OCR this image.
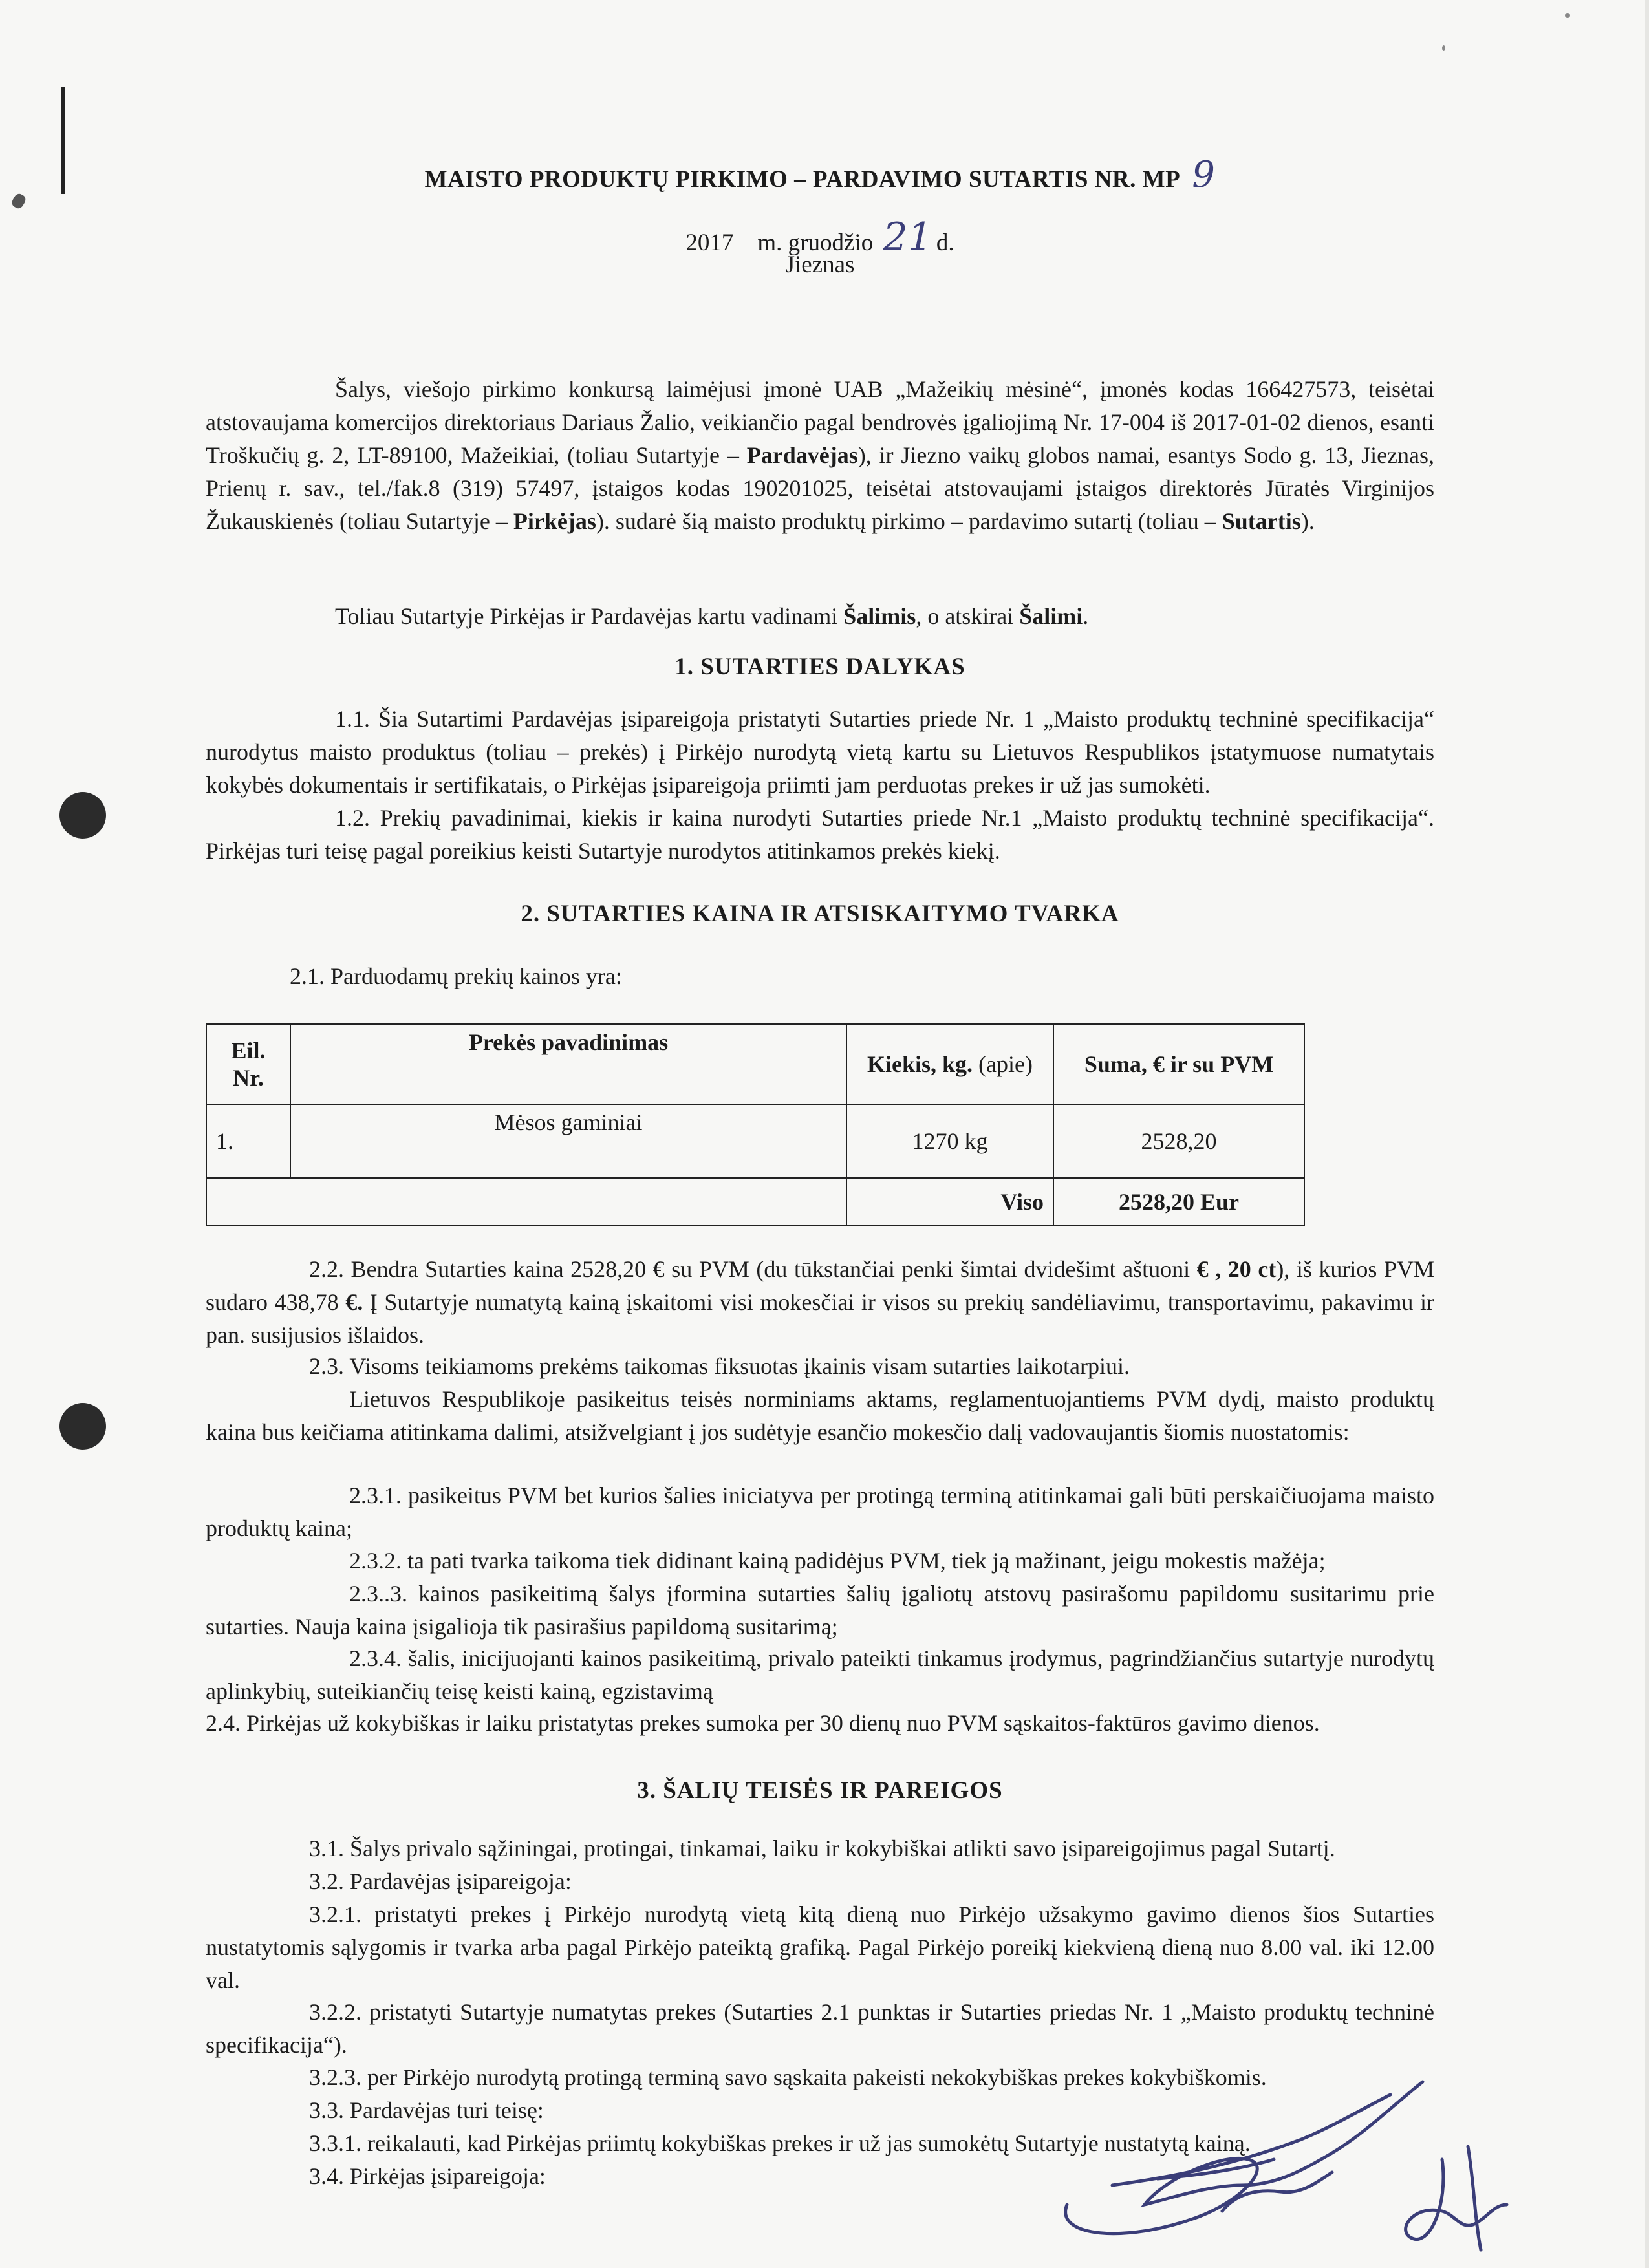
MAISTO PRODUKTŲ PIRKIMO – PARDAVIMO SUTARTIS NR. MP 9
2017 m. gruodžio 21 d.
Jieznas

Šalys, viešojo pirkimo konkursą laimėjusi įmonė UAB „Mažeikių mėsinė“, įmonės kodas 166427573, teisėtai atstovaujama komercijos direktoriaus Dariaus Žalio, veikiančio pagal bendrovės įgaliojimą Nr. 17-004 iš 2017-01-02 dienos, esanti Troškučių g. 2, LT-89100, Mažeikiai, (toliau Sutartyje – Pardavėjas), ir Jiezno vaikų globos namai, esantys Sodo g. 13, Jieznas, Prienų r. sav., tel./fak.8 (319) 57497, įstaigos kodas 190201025, teisėtai atstovaujami įstaigos direktorės Jūratės Virginijos Žukauskienės (toliau Sutartyje – Pirkėjas). sudarė šią maisto produktų pirkimo – pardavimo sutartį (toliau – Sutartis).

Toliau Sutartyje Pirkėjas ir Pardavėjas kartu vadinami Šalimis, o atskirai Šalimi.

1. SUTARTIES DALYKAS

1.1. Šia Sutartimi Pardavėjas įsipareigoja pristatyti Sutarties priede Nr. 1 „Maisto produktų techninė specifikacija“ nurodytus maisto produktus (toliau – prekės) į Pirkėjo nurodytą vietą kartu su Lietuvos Respublikos įstatymuose numatytais kokybės dokumentais ir sertifikatais, o Pirkėjas įsipareigoja priimti jam perduotas prekes ir už jas sumokėti.

1.2. Prekių pavadinimai, kiekis ir kaina nurodyti Sutarties priede Nr.1 „Maisto produktų techninė specifikacija“. Pirkėjas turi teisę pagal poreikius keisti Sutartyje nurodytos atitinkamos prekės kiekį.

2. SUTARTIES KAINA IR ATSISKAITYMO TVARKA

2.1. Parduodamų prekių kainos yra:

Eil. Nr.	Prekės pavadinimas	Kiekis, kg. (apie)	Suma, € ir su PVM
1.	Mėsos gaminiai	1270 kg	2528,20
		Viso	2528,20 Eur

2.2. Bendra Sutarties kaina 2528,20 € su PVM (du tūkstančiai penki šimtai dvidešimt aštuoni € , 20 ct), iš kurios PVM sudaro 438,78 €. Į Sutartyje numatytą kainą įskaitomi visi mokesčiai ir visos su prekių sandėliavimu, transportavimu, pakavimu ir pan. susijusios išlaidos.

2.3. Visoms teikiamoms prekėms taikomas fiksuotas įkainis visam sutarties laikotarpiui.

Lietuvos Respublikoje pasikeitus teisės norminiams aktams, reglamentuojantiems PVM dydį, maisto produktų kaina bus keičiama atitinkama dalimi, atsižvelgiant į jos sudėtyje esančio mokesčio dalį vadovaujantis šiomis nuostatomis:

2.3.1. pasikeitus PVM bet kurios šalies iniciatyva per protingą terminą atitinkamai gali būti perskaičiuojama maisto produktų kaina;

2.3.2. ta pati tvarka taikoma tiek didinant kainą padidėjus PVM, tiek ją mažinant, jeigu mokestis mažėja;

2.3..3. kainos pasikeitimą šalys įformina sutarties šalių įgaliotų atstovų pasirašomu papildomu susitarimu prie sutarties. Nauja kaina įsigalioja tik pasirašius papildomą susitarimą;

2.3.4. šalis, inicijuojanti kainos pasikeitimą, privalo pateikti tinkamus įrodymus, pagrindžiančius sutartyje nurodytų aplinkybių, suteikiančių teisę keisti kainą, egzistavimą

2.4. Pirkėjas už kokybiškas ir laiku pristatytas prekes sumoka per 30 dienų nuo PVM sąskaitos-faktūros gavimo dienos.

3. ŠALIŲ TEISĖS IR PAREIGOS

3.1. Šalys privalo sąžiningai, protingai, tinkamai, laiku ir kokybiškai atlikti savo įsipareigojimus pagal Sutartį.

3.2. Pardavėjas įsipareigoja:

3.2.1. pristatyti prekes į Pirkėjo nurodytą vietą kitą dieną nuo Pirkėjo užsakymo gavimo dienos šios Sutarties nustatytomis sąlygomis ir tvarka arba pagal Pirkėjo pateiktą grafiką. Pagal Pirkėjo poreikį kiekvieną dieną nuo 8.00 val. iki 12.00 val.

3.2.2. pristatyti Sutartyje numatytas prekes (Sutarties 2.1 punktas ir Sutarties priedas Nr. 1 „Maisto produktų techninė specifikacija“).

3.2.3. per Pirkėjo nurodytą protingą terminą savo sąskaita pakeisti nekokybiškas prekes kokybiškomis.

3.3. Pardavėjas turi teisę:

3.3.1. reikalauti, kad Pirkėjas priimtų kokybiškas prekes ir už jas sumokėtų Sutartyje nustatytą kainą.

3.4. Pirkėjas įsipareigoja:
